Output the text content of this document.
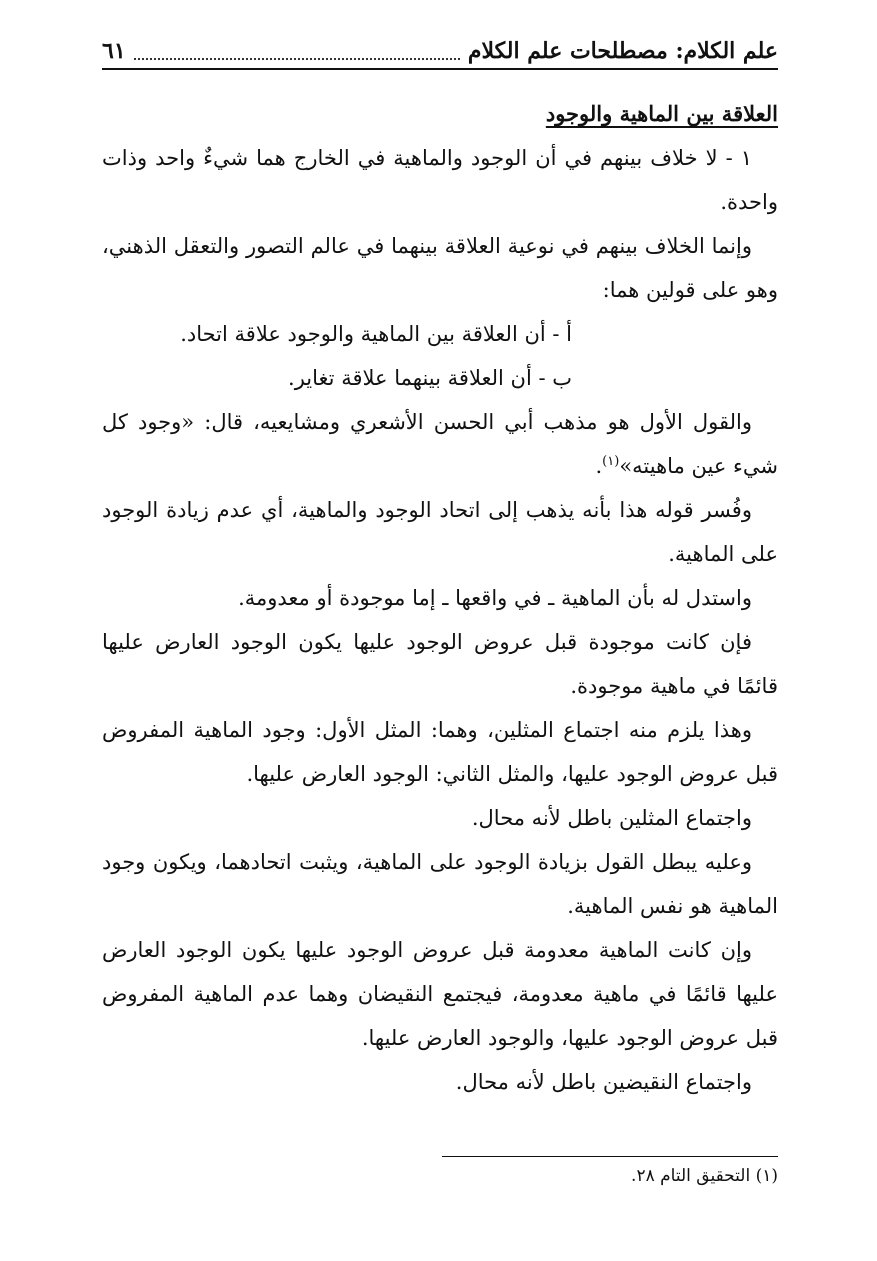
علم الكلام: مصطلحات علم الكلام
٦١
العلاقة بين الماهية والوجود

١ - لا خلاف بينهم في أن الوجود والماهية في الخارج هما شيءٌ واحد وذات واحدة.

وإنما الخلاف بينهم في نوعية العلاقة بينهما في عالم التصور والتعقل الذهني، وهو على قولين هما:

أ - أن العلاقة بين الماهية والوجود علاقة اتحاد.

ب - أن العلاقة بينهما علاقة تغاير.

والقول الأول هو مذهب أبي الحسن الأشعري ومشايعيه، قال: «وجود كل شيء عين ماهيته»$^{(١)}$.

وفُسر قوله هذا بأنه يذهب إلى اتحاد الوجود والماهية، أي عدم زيادة الوجود على الماهية.

واستدل له بأن الماهية ـ في واقعها ـ إما موجودة أو معدومة.

فإن كانت موجودة قبل عروض الوجود عليها يكون الوجود العارض عليها قائمًا في ماهية موجودة.

وهذا يلزم منه اجتماع المثلين، وهما: المثل الأول: وجود الماهية المفروض قبل عروض الوجود عليها، والمثل الثاني: الوجود العارض عليها.

واجتماع المثلين باطل لأنه محال.

وعليه يبطل القول بزيادة الوجود على الماهية، ويثبت اتحادهما، ويكون وجود الماهية هو نفس الماهية.

وإن كانت الماهية معدومة قبل عروض الوجود عليها يكون الوجود العارض عليها قائمًا في ماهية معدومة، فيجتمع النقيضان وهما عدم الماهية المفروض قبل عروض الوجود عليها، والوجود العارض عليها.

واجتماع النقيضين باطل لأنه محال.

(١) التحقيق التام ٢٨.
